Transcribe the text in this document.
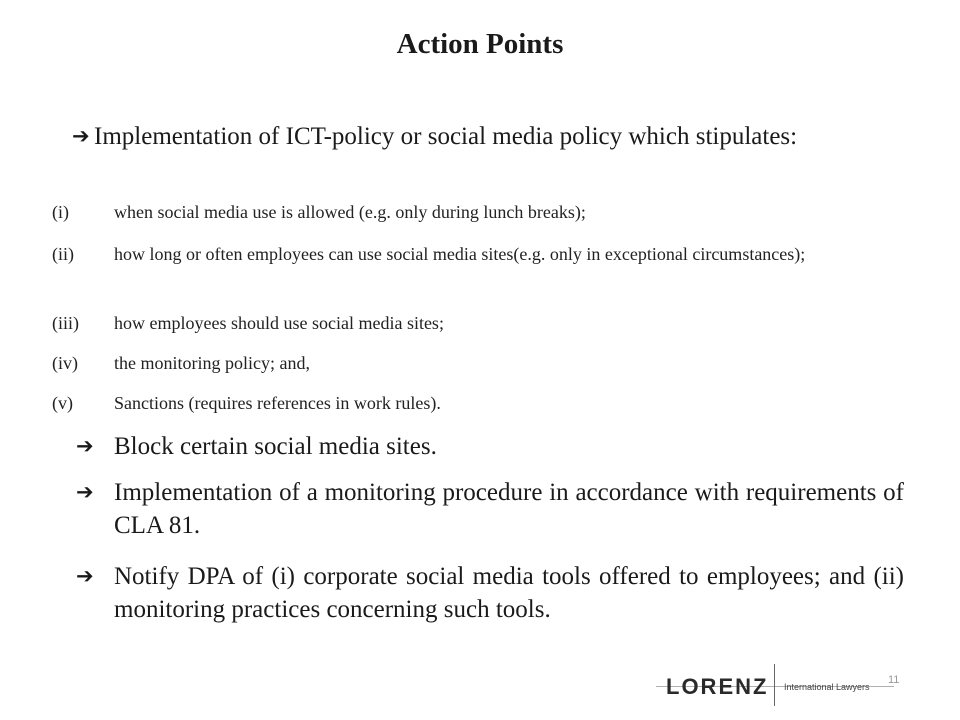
Action Points
➔ Implementation of ICT-policy or social media policy which stipulates:
(i)	when social media use is allowed (e.g. only during lunch breaks);
(ii) how long or often employees can use social media sites(e.g. only in exceptional circumstances);
(iii) how employees should use social media sites;
(iv) the monitoring policy; and,
(v) Sanctions (requires references in work rules).
➔ Block certain social media sites.
➔ Implementation of a monitoring procedure in accordance with requirements of CLA 81.
➔ Notify DPA of (i) corporate social media tools offered to employees; and (ii) monitoring practices concerning such tools.
11
LORENZ International Lawyers
